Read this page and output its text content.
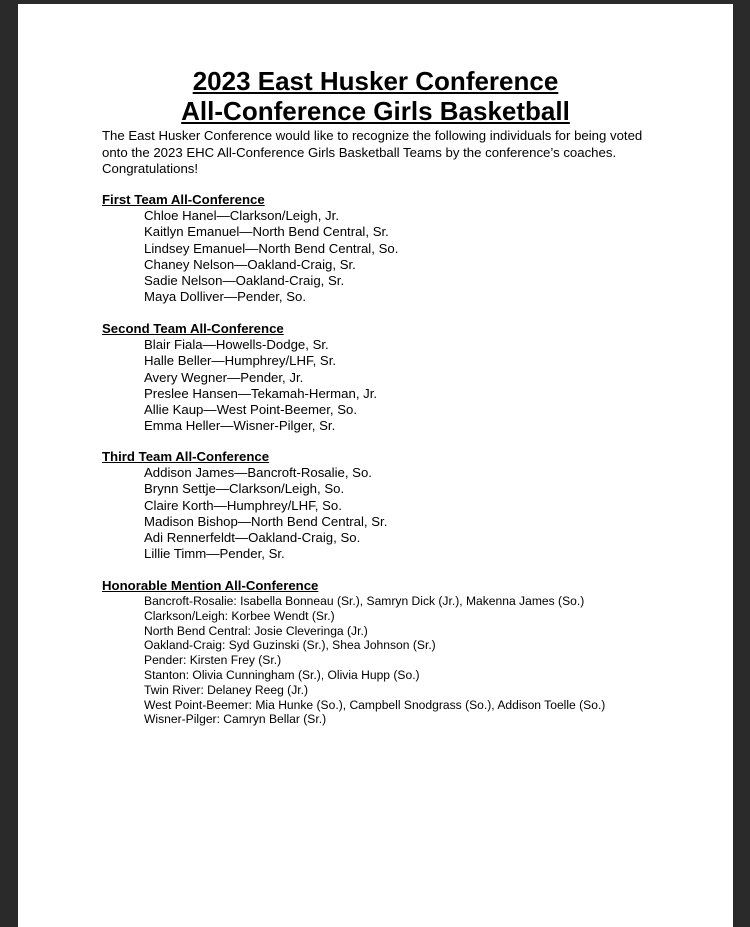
2023 East Husker Conference
All-Conference Girls Basketball
The East Husker Conference would like to recognize the following individuals for being voted onto the 2023 EHC All-Conference Girls Basketball Teams by the conference’s coaches. Congratulations!
First Team All-Conference
Chloe Hanel—Clarkson/Leigh, Jr.
Kaitlyn Emanuel—North Bend Central, Sr.
Lindsey Emanuel—North Bend Central, So.
Chaney Nelson—Oakland-Craig, Sr.
Sadie Nelson—Oakland-Craig, Sr.
Maya Dolliver—Pender, So.
Second Team All-Conference
Blair Fiala—Howells-Dodge, Sr.
Halle Beller—Humphrey/LHF, Sr.
Avery Wegner—Pender, Jr.
Preslee Hansen—Tekamah-Herman, Jr.
Allie Kaup—West Point-Beemer, So.
Emma Heller—Wisner-Pilger, Sr.
Third Team All-Conference
Addison James—Bancroft-Rosalie, So.
Brynn Settje—Clarkson/Leigh, So.
Claire Korth—Humphrey/LHF, So.
Madison Bishop—North Bend Central, Sr.
Adi Rennerfeldt—Oakland-Craig, So.
Lillie Timm—Pender, Sr.
Honorable Mention All-Conference
Bancroft-Rosalie: Isabella Bonneau (Sr.), Samryn Dick (Jr.), Makenna James (So.)
Clarkson/Leigh: Korbee Wendt (Sr.)
North Bend Central: Josie Cleveringa (Jr.)
Oakland-Craig: Syd Guzinski (Sr.), Shea Johnson (Sr.)
Pender: Kirsten Frey (Sr.)
Stanton: Olivia Cunningham (Sr.), Olivia Hupp (So.)
Twin River: Delaney Reeg (Jr.)
West Point-Beemer: Mia Hunke (So.), Campbell Snodgrass (So.), Addison Toelle (So.)
Wisner-Pilger: Camryn Bellar (Sr.)
